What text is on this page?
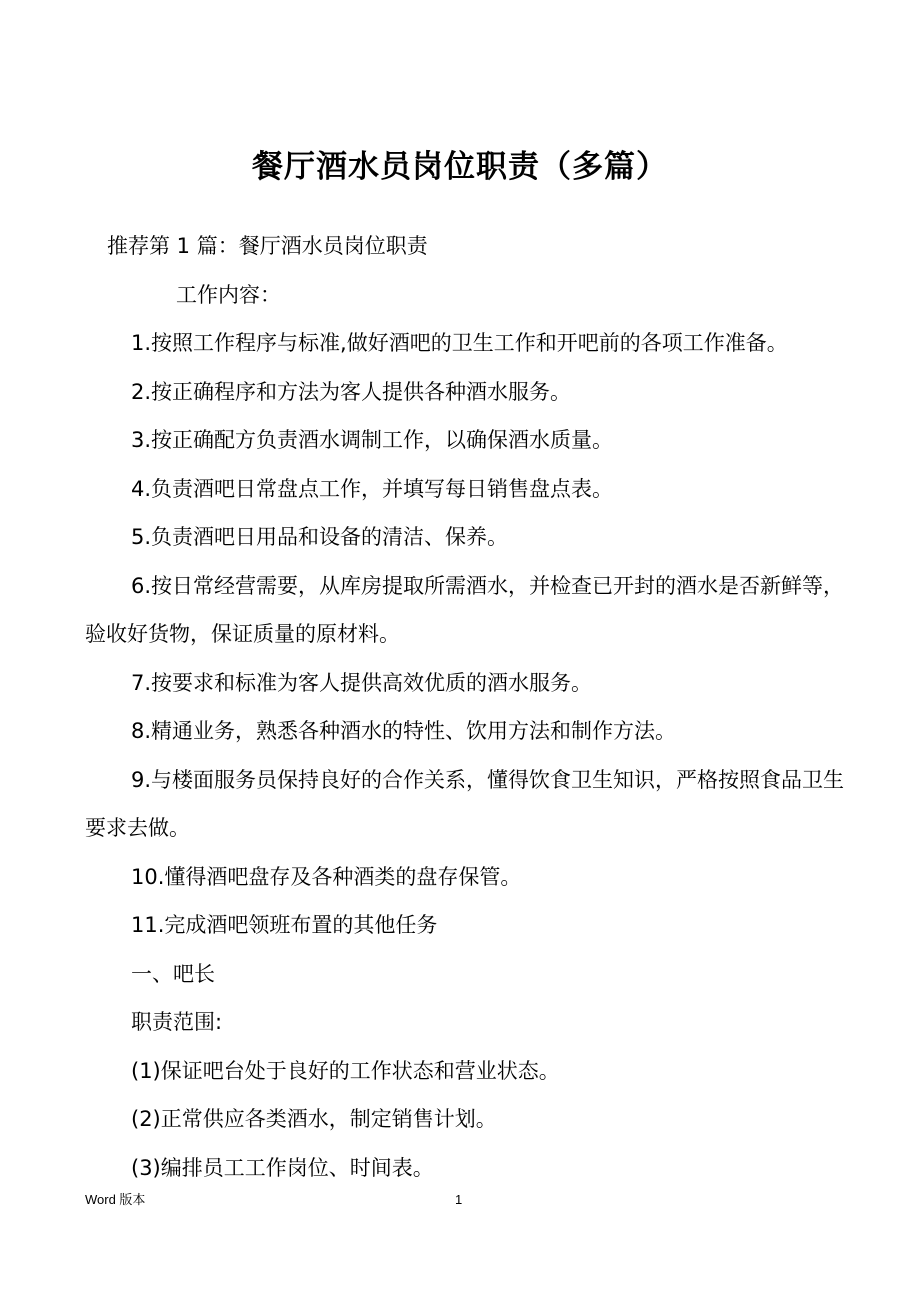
餐厅酒水员岗位职责（多篇）

推荐第 1 篇：餐厅酒水员岗位职责

工作内容：

1.按照工作程序与标准,做好酒吧的卫生工作和开吧前的各项工作准备。

2.按正确程序和方法为客人提供各种酒水服务。

3.按正确配方负责酒水调制工作，以确保酒水质量。

4.负责酒吧日常盘点工作，并填写每日销售盘点表。

5.负责酒吧日用品和设备的清洁、保养。

6.按日常经营需要，从库房提取所需酒水，并检查已开封的酒水是否新鲜等，验收好货物，保证质量的原材料。

7.按要求和标准为客人提供高效优质的酒水服务。

8.精通业务，熟悉各种酒水的特性、饮用方法和制作方法。

9.与楼面服务员保持良好的合作关系，懂得饮食卫生知识，严格按照食品卫生要求去做。

10.懂得酒吧盘存及各种酒类的盘存保管。

11.完成酒吧领班布置的其他任务

一、吧长

职责范围:

(1)保证吧台处于良好的工作状态和营业状态。

(2)正常供应各类酒水，制定销售计划。

(3)编排员工工作岗位、时间表。

Word 版本	1
